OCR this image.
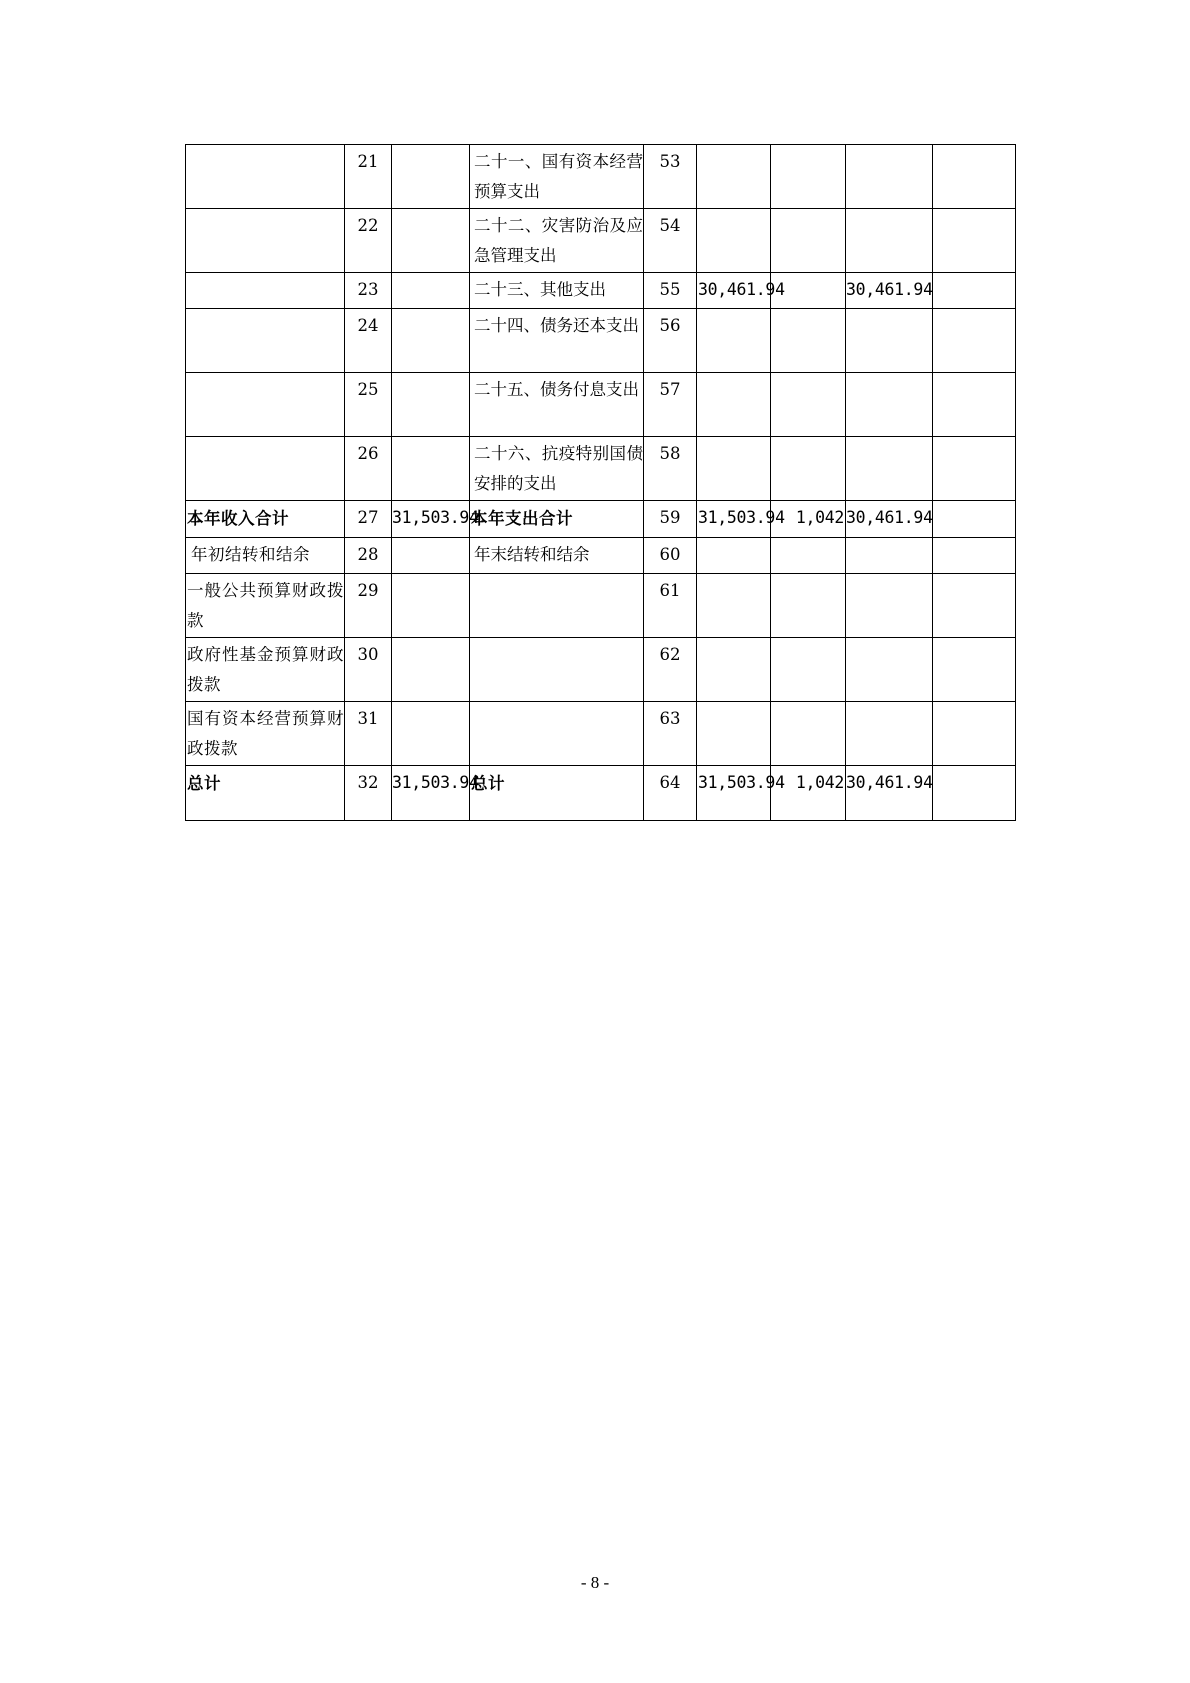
	21		二十一、国有资本经营预算支出	53				
	22		二十二、灾害防治及应急管理支出	54				
	23		二十三、其他支出	55	30,461.94		30,461.94	
	24		二十四、债务还本支出	56				
	25		二十五、债务付息支出	57				
	26		二十六、抗疫特别国债安排的支出	58				
本年收入合计	27	31,503.94	本年支出合计	59	31,503.94	1,042	30,461.94	
年初结转和结余	28		年末结转和结余	60				
一般公共预算财政拨款	29			61				
政府性基金预算财政拨款	30			62				
国有资本经营预算财政拨款	31			63				
总计	32	31,503.94	总计	64	31,503.94	1,042	30,461.94	
- 8 -
